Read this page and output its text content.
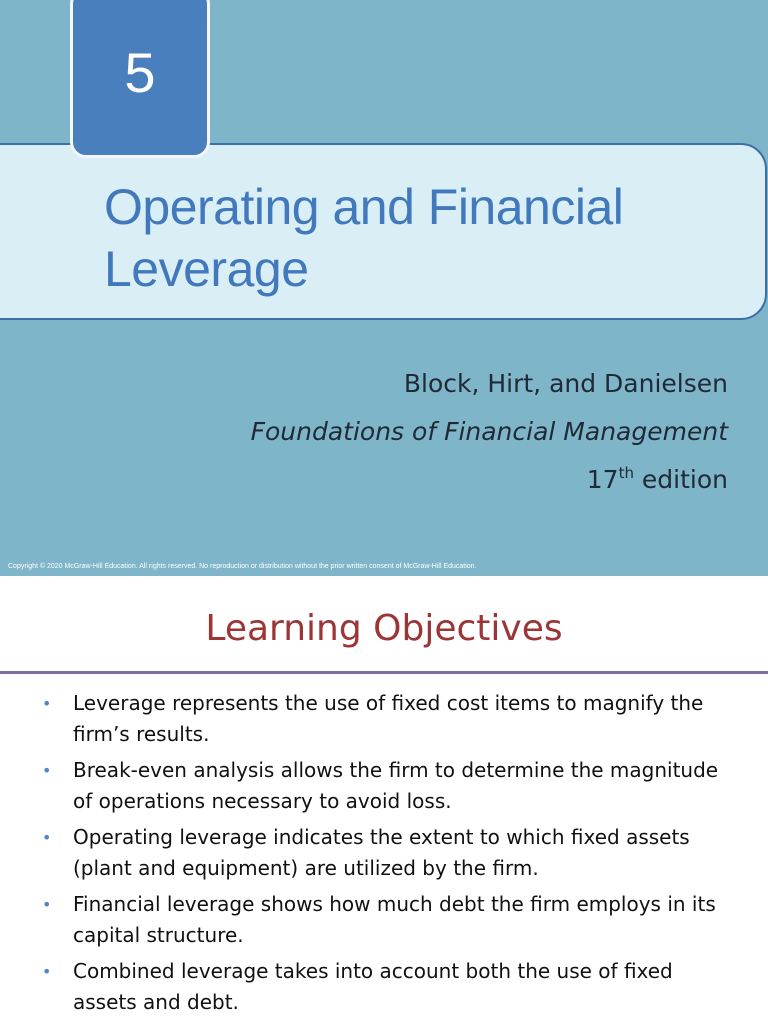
5
Operating and Financial
Leverage
Block, Hirt, and Danielsen
Foundations of Financial Management
17th edition
Copyright © 2020 McGraw-Hill Education. All rights reserved. No reproduction or distribution without the prior written consent of McGraw-Hill Education.
Learning Objectives
• Leverage represents the use of fixed cost items to magnify the firm’s results.
• Break-even analysis allows the firm to determine the magnitude of operations necessary to avoid loss.
• Operating leverage indicates the extent to which fixed assets (plant and equipment) are utilized by the firm.
• Financial leverage shows how much debt the firm employs in its capital structure.
• Combined leverage takes into account both the use of fixed assets and debt.
